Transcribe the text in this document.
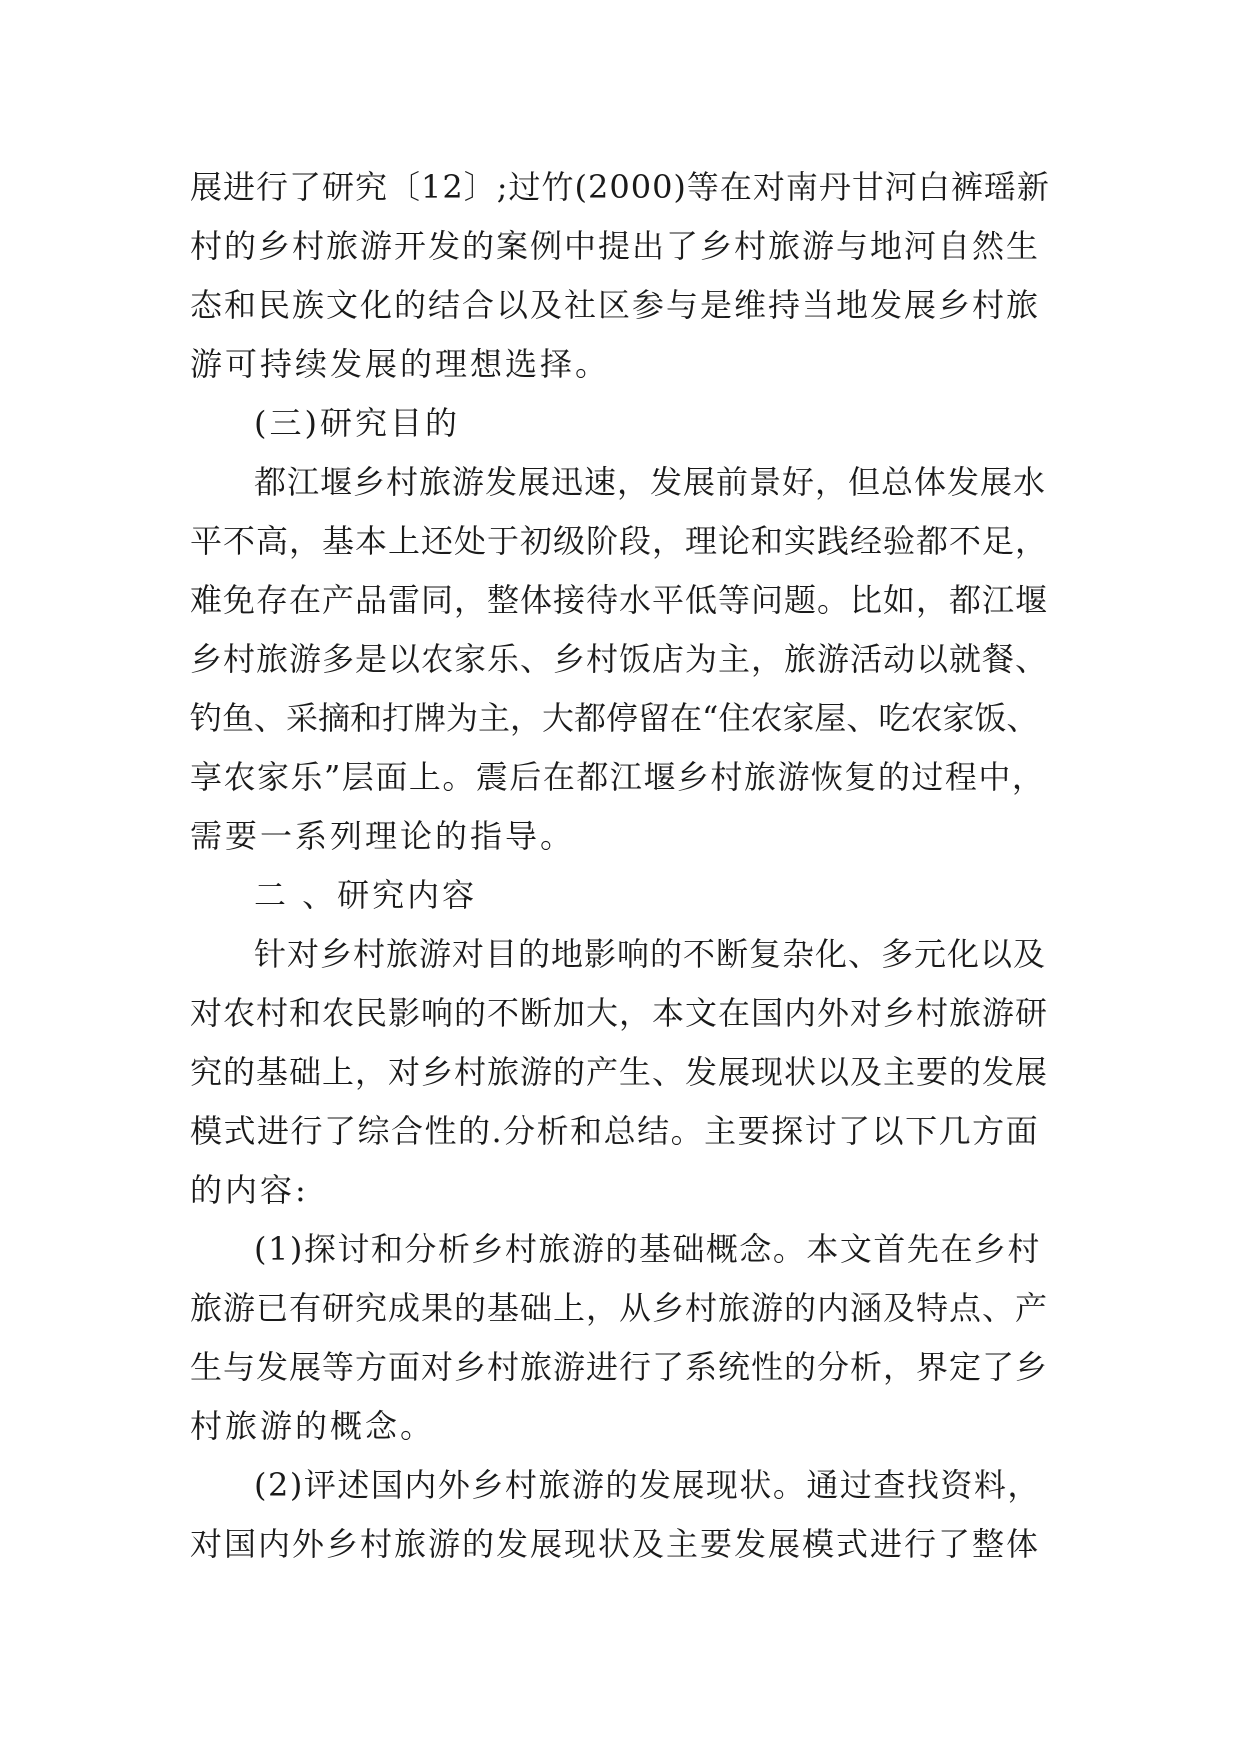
展进行了研究〔12〕;过竹(2000)等在对南丹甘河白裤瑶新
村的乡村旅游开发的案例中提出了乡村旅游与地河自然生
态和民族文化的结合以及社区参与是维持当地发展乡村旅
游可持续发展的理想选择。
(三)研究目的
都江堰乡村旅游发展迅速，发展前景好，但总体发展水
平不高，基本上还处于初级阶段，理论和实践经验都不足，
难免存在产品雷同，整体接待水平低等问题。比如，都江堰
乡村旅游多是以农家乐、乡村饭店为主，旅游活动以就餐、
钓鱼、采摘和打牌为主，大都停留在“住农家屋、吃农家饭、
享农家乐”层面上。震后在都江堰乡村旅游恢复的过程中，
需要一系列理论的指导。
二 、研究内容
针对乡村旅游对目的地影响的不断复杂化、多元化以及
对农村和农民影响的不断加大，本文在国内外对乡村旅游研
究的基础上，对乡村旅游的产生、发展现状以及主要的发展
模式进行了综合性的.分析和总结。主要探讨了以下几方面
的内容:
(1)探讨和分析乡村旅游的基础概念。本文首先在乡村
旅游已有研究成果的基础上，从乡村旅游的内涵及特点、产
生与发展等方面对乡村旅游进行了系统性的分析，界定了乡
村旅游的概念。
(2)评述国内外乡村旅游的发展现状。通过查找资料，
对国内外乡村旅游的发展现状及主要发展模式进行了整体
